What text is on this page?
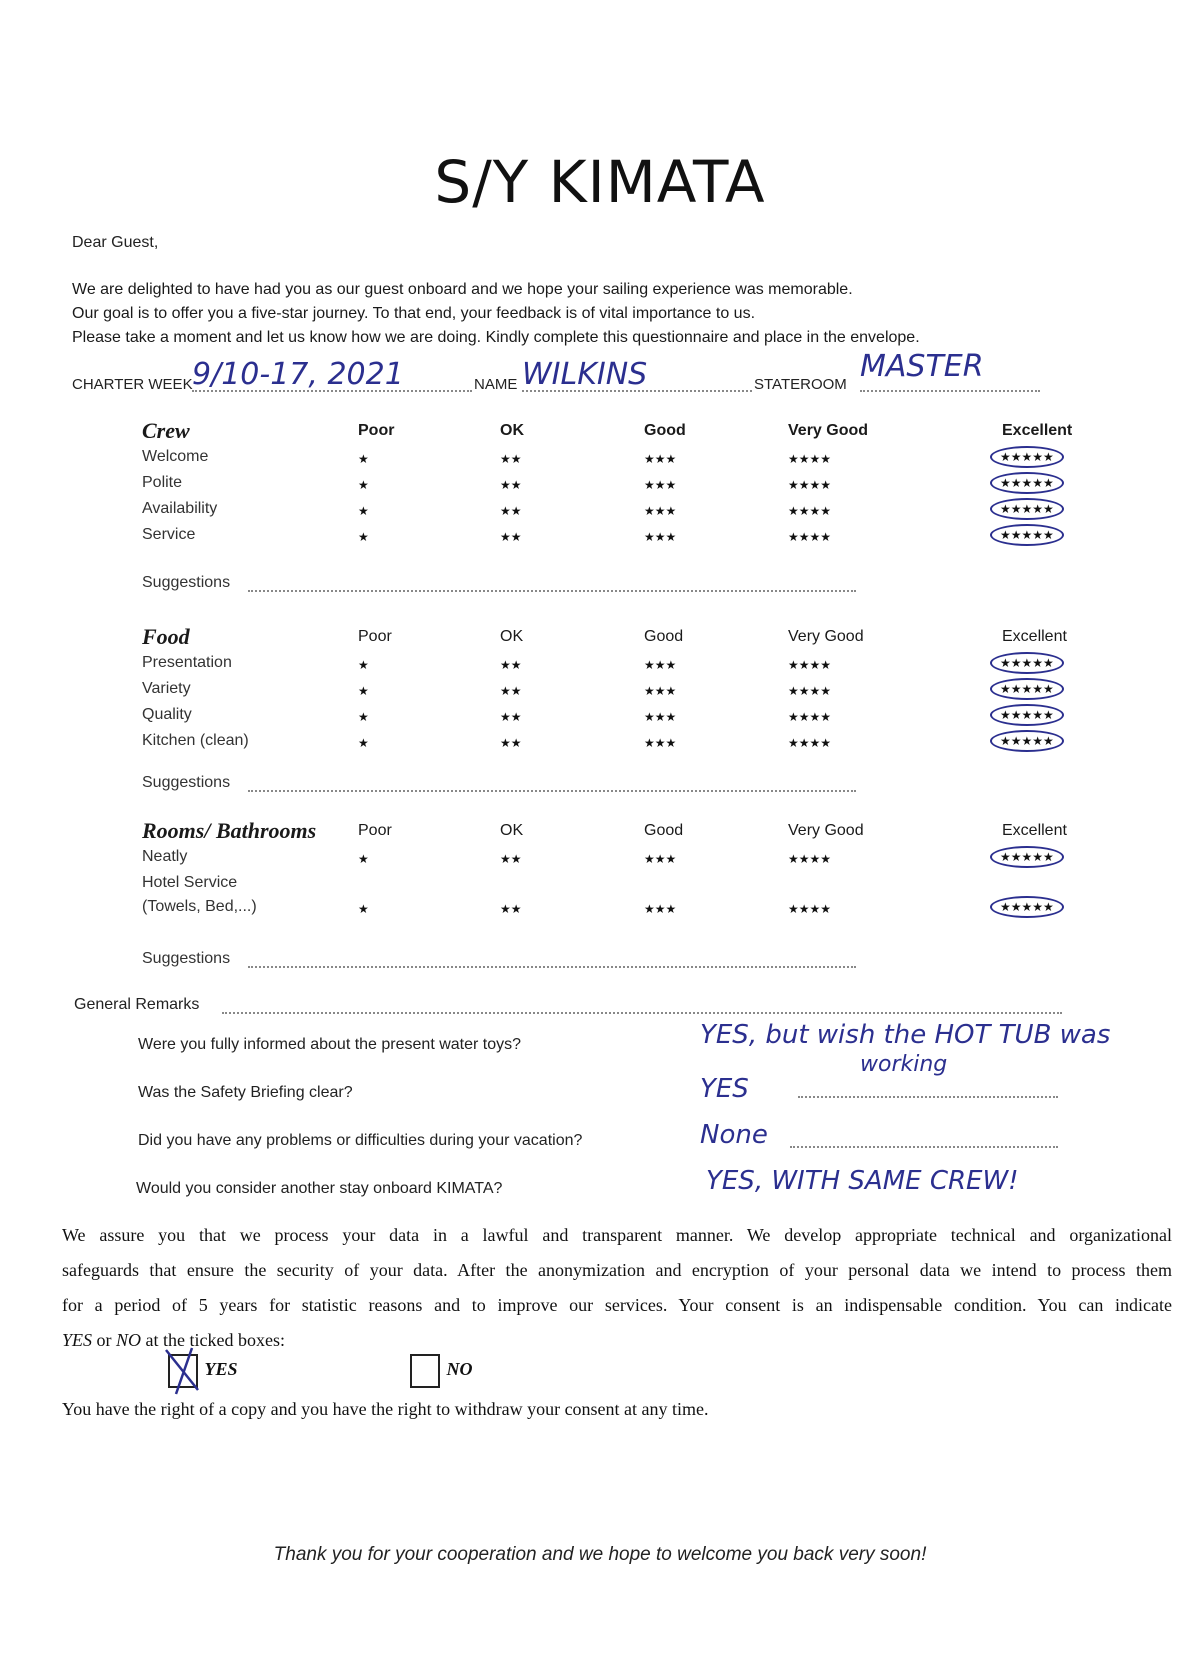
S/Y KIMATA
Dear Guest,
We are delighted to have had you as our guest onboard and we hope your sailing experience was memorable.
Our goal is to offer you a five-star journey. To that end, your feedback is of vital importance to us.
Please take a moment and let us know how we are doing. Kindly complete this questionnaire and place in the envelope.
CHARTER WEEK 9/10-17, 2021	NAME WILKINS	STATEROOM
MASTER
Crew	Poor	OK	Good	Very Good	Excellent
Welcome	★	★★	★★★	★★★★	★★★★★
Polite	★	★★	★★★	★★★★	★★★★★
Availability	★	★★	★★★	★★★★	★★★★★
Service	★	★★	★★★	★★★★	★★★★★
Suggestions
Food	Poor	OK	Good	Very Good	Excellent
Presentation	★	★★	★★★	★★★★	★★★★★
Variety	★	★★	★★★	★★★★	★★★★★
Quality	★	★★	★★★	★★★★	★★★★★
Kitchen (clean)	★	★★	★★★	★★★★	★★★★★
Suggestions
Rooms/ Bathrooms	Poor	OK	Good	Very Good	Excellent
Neatly	★	★★	★★★	★★★★	★★★★★
Hotel Service
(Towels, Bed,...)	★	★★	★★★	★★★★	★★★★★
Suggestions
General Remarks
Were you fully informed about the present water toys?	YES, but wish the HOT TUB was
working
Was the Safety Briefing clear?	YES
Did you have any problems or difficulties during your vacation?	None
Would you consider another stay onboard KIMATA?	YES, WITH SAME CREW!
We assure you that we process your data in a lawful and transparent manner. We develop appropriate technical and organizational
safeguards that ensure the security of your data. After the anonymization and encryption of your personal data we intend to process them
for a period of 5 years for statistic reasons and to improve our services. Your consent is an indispensable condition. You can indicate
YES or NO at the ticked boxes:
YES	NO
You have the right of a copy and you have the right to withdraw your consent at any time.
Thank you for your cooperation and we hope to welcome you back very soon!
